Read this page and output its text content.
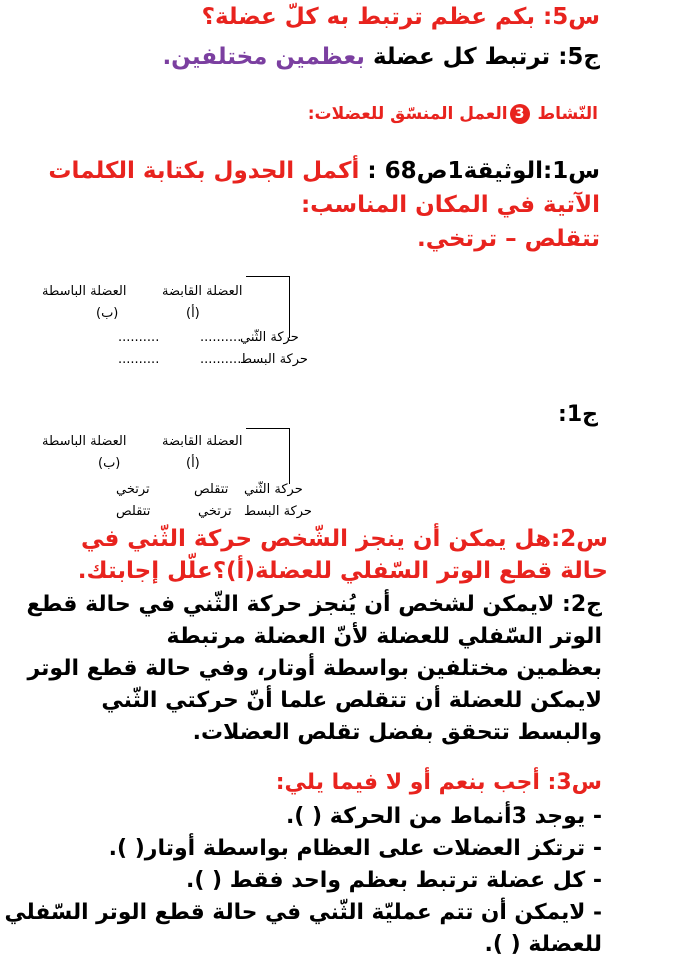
س5: بكم عظم ترتبط به كلّ عضلة؟
ج5: ترتبط كل عضلة بعظمين مختلفين.
النّشاط 3العمل المنسّق للعضلات:
س1:الوثيقة1ص68 : أكمل الجدول بكتابة الكلمات
الآتية في المكان المناسب:
تتقلص – ترتخي.
العضلة القابضة
العضلة الباسطة
(أ)
(ب)
حركة الثّني
..........
..........
حركة البسط
..........
..........
ج1:
العضلة القابضة
العضلة الباسطة
(أ)
(ب)
حركة الثّني
تتقلص
ترتخي
حركة البسط
ترتخي
تتقلص
س2:هل يمكن أن ينجز الشّخص حركة الثّني في
حالة قطع الوتر السّفلي للعضلة(أ)؟علّل إجابتك.
ج2: لايمكن لشخص أن يُنجز حركة الثّني في حالة قطع
الوتر السّفلي للعضلة لأنّ العضلة مرتبطة
بعظمين مختلفين بواسطة أوتار، وفي حالة قطع الوتر
لايمكن للعضلة أن تتقلص علما أنّ حركتي الثّني
والبسط تتحقق بفضل تقلص العضلات.
س3: أجب بنعم أو لا فيما يلي:
- يوجد 3أنماط من الحركة ( ).
- ترتكز العضلات على العظام بواسطة أوتار( ).
- كل عضلة ترتبط بعظم واحد فقط ( ).
- لايمكن أن تتم عمليّة الثّني في حالة قطع الوتر السّفلي
للعضلة ( ).
